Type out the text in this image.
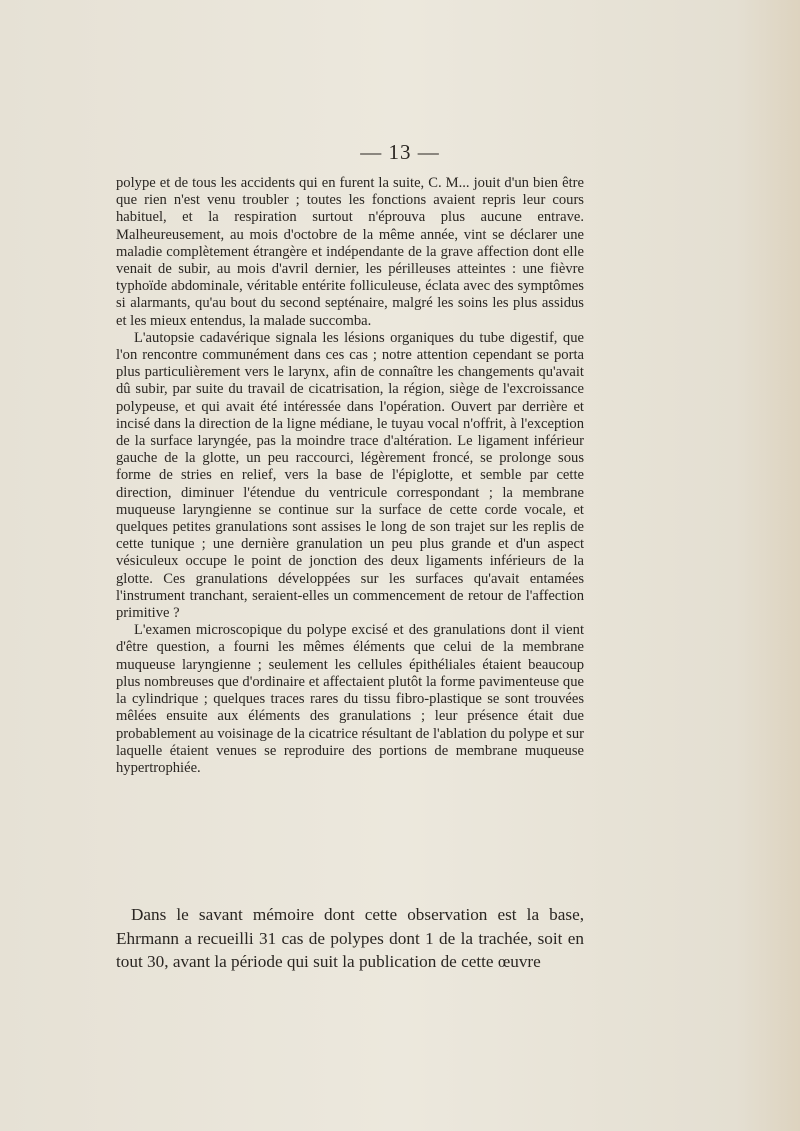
— 13 —

polype et de tous les accidents qui en furent la suite, C. M... jouit d'un bien être que rien n'est venu troubler ; toutes les fonctions avaient repris leur cours habituel, et la respiration surtout n'éprouva plus aucune entrave. Malheureusement, au mois d'octobre de la même année, vint se déclarer une maladie complètement étrangère et indépendante de la grave affection dont elle venait de subir, au mois d'avril dernier, les périlleuses atteintes : une fièvre typhoïde abdominale, véritable entérite folliculeuse, éclata avec des symptômes si alarmants, qu'au bout du second septénaire, malgré les soins les plus assidus et les mieux entendus, la malade succomba.

L'autopsie cadavérique signala les lésions organiques du tube digestif, que l'on rencontre communément dans ces cas ; notre attention cependant se porta plus particulièrement vers le larynx, afin de connaître les changements qu'avait dû subir, par suite du travail de cicatrisation, la région, siège de l'excroissance polypeuse, et qui avait été intéressée dans l'opération. Ouvert par derrière et incisé dans la direction de la ligne médiane, le tuyau vocal n'offrit, à l'exception de la surface laryngée, pas la moindre trace d'altération. Le ligament inférieur gauche de la glotte, un peu raccourci, légèrement froncé, se prolonge sous forme de stries en relief, vers la base de l'épiglotte, et semble par cette direction, diminuer l'étendue du ventricule correspondant ; la membrane muqueuse laryngienne se continue sur la surface de cette corde vocale, et quelques petites granulations sont assises le long de son trajet sur les replis de cette tunique ; une dernière granulation un peu plus grande et d'un aspect vésiculeux occupe le point de jonction des deux ligaments inférieurs de la glotte. Ces granulations développées sur les surfaces qu'avait entamées l'instrument tranchant, seraient-elles un commencement de retour de l'affection primitive ?

L'examen microscopique du polype excisé et des granulations dont il vient d'être question, a fourni les mêmes éléments que celui de la membrane muqueuse laryngienne ; seulement les cellules épithéliales étaient beaucoup plus nombreuses que d'ordinaire et affectaient plutôt la forme pavimenteuse que la cylindrique ; quelques traces rares du tissu fibro-plastique se sont trouvées mêlées ensuite aux éléments des granulations ; leur présence était due probablement au voisinage de la cicatrice résultant de l'ablation du polype et sur laquelle étaient venues se reproduire des portions de membrane muqueuse hypertrophiée.

Dans le savant mémoire dont cette observation est la base, Ehrmann a recueilli 31 cas de polypes dont 1 de la trachée, soit en tout 30, avant la période qui suit la publication de cette œuvre
